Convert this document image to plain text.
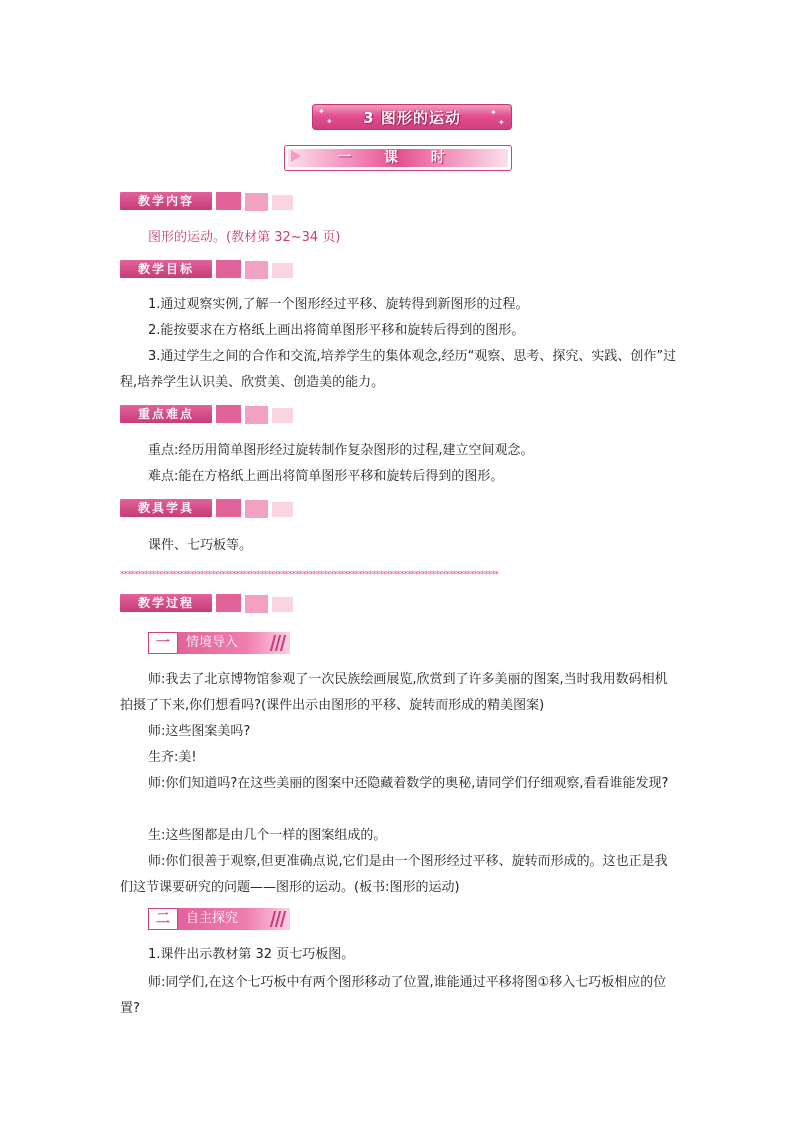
✦
✦
✦
✦
3 图形的运动
一 课 时
教学内容
图形的运动。(教材第 32~34 页)
教学目标
1.通过观察实例,了解一个图形经过平移、旋转得到新图形的过程。
2.能按要求在方格纸上画出将简单图形平移和旋转后得到的图形。
3.通过学生之间的合作和交流,培养学生的集体观念,经历“观察、思考、探究、实践、创作”过程,培养学生认识美、欣赏美、创造美的能力。
重点难点
重点:经历用简单图形经过旋转制作复杂图形的过程,建立空间观念。
难点:能在方格纸上画出将简单图形平移和旋转后得到的图形。
教具学具
课件、七巧板等。
************************************************************************************************************
教学过程
一	情境导入
师:我去了北京博物馆参观了一次民族绘画展览,欣赏到了许多美丽的图案,当时我用数码相机拍摄了下来,你们想看吗?(课件出示由图形的平移、旋转而形成的精美图案)
师:这些图案美吗?
生齐:美!
师:你们知道吗?在这些美丽的图案中还隐藏着数学的奥秘,请同学们仔细观察,看看谁能发现?
生:这些图都是由几个一样的图案组成的。
师:你们很善于观察,但更准确点说,它们是由一个图形经过平移、旋转而形成的。这也正是我们这节课要研究的问题——图形的运动。(板书:图形的运动)
二	自主探究
1.课件出示教材第 32 页七巧板图。
师:同学们,在这个七巧板中有两个图形移动了位置,谁能通过平移将图①移入七巧板相应的位置?
